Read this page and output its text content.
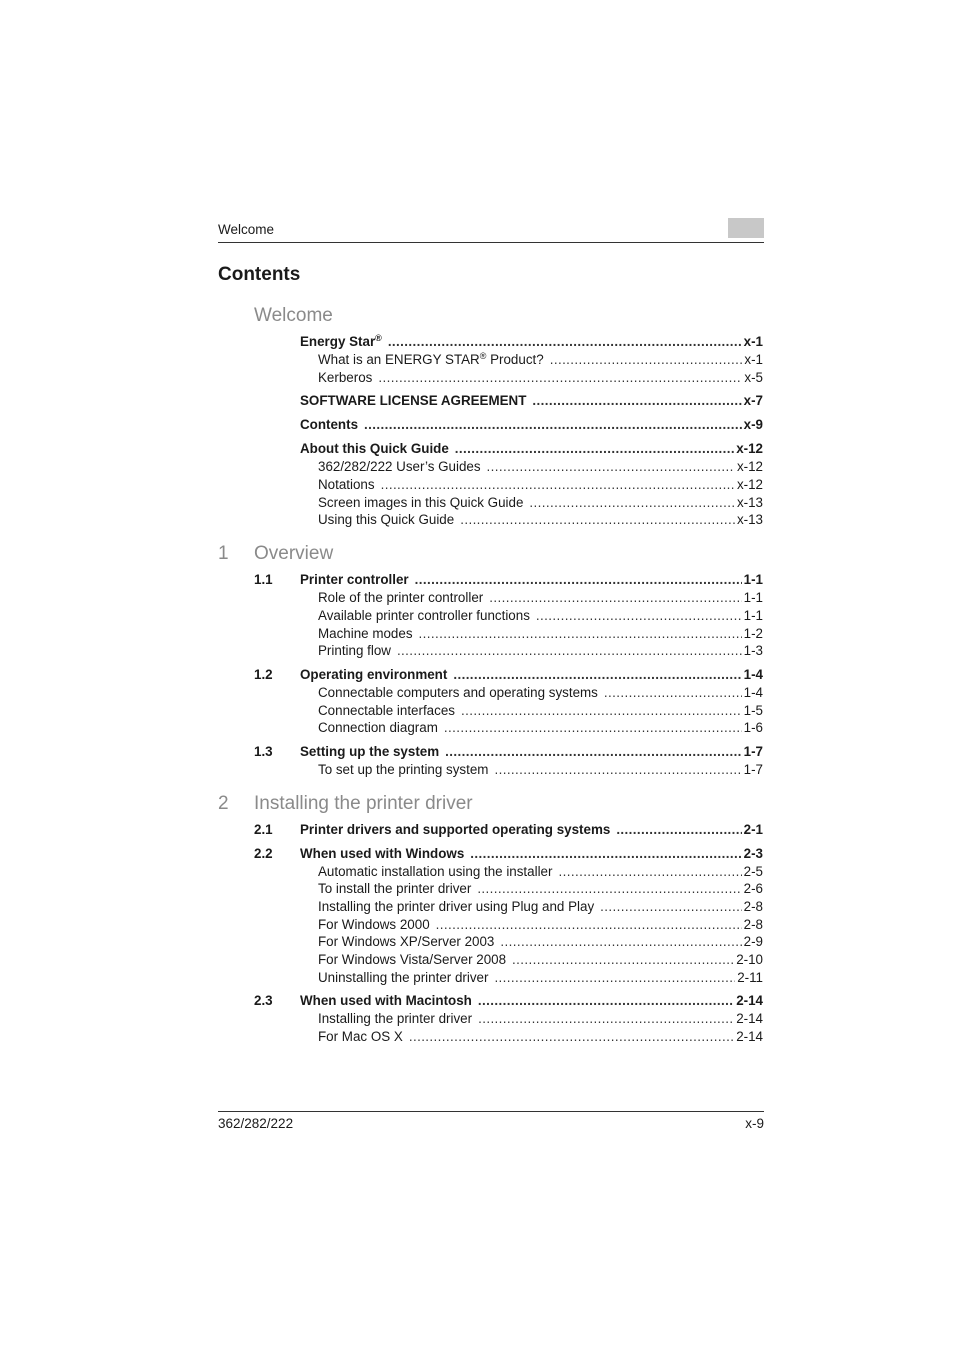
Welcome
Contents
Welcome
Energy Star® .....	x-1
What is an ENERGY STAR® Product? .....	x-1
Kerberos .....	x-5
SOFTWARE LICENSE AGREEMENT .....	x-7
Contents .....	x-9
About this Quick Guide .....	x-12
362/282/222 User’s Guides .....	x-12
Notations .....	x-12
Screen images in this Quick Guide .....	x-13
Using this Quick Guide .....	x-13
1	Overview
1.1	Printer controller .....	1-1
Role of the printer controller .....	1-1
Available printer controller functions .....	1-1
Machine modes .....	1-2
Printing flow .....	1-3
1.2	Operating environment .....	1-4
Connectable computers and operating systems .....	1-4
Connectable interfaces .....	1-5
Connection diagram .....	1-6
1.3	Setting up the system .....	1-7
To set up the printing system .....	1-7
2	Installing the printer driver
2.1	Printer drivers and supported operating systems .....	2-1
2.2	When used with Windows .....	2-3
Automatic installation using the installer .....	2-5
To install the printer driver .....	2-6
Installing the printer driver using Plug and Play .....	2-8
For Windows 2000 .....	2-8
For Windows XP/Server 2003 .....	2-9
For Windows Vista/Server 2008 .....	2-10
Uninstalling the printer driver .....	2-11
2.3	When used with Macintosh .....	2-14
Installing the printer driver .....	2-14
For Mac OS X .....	2-14
362/282/222	x-9
